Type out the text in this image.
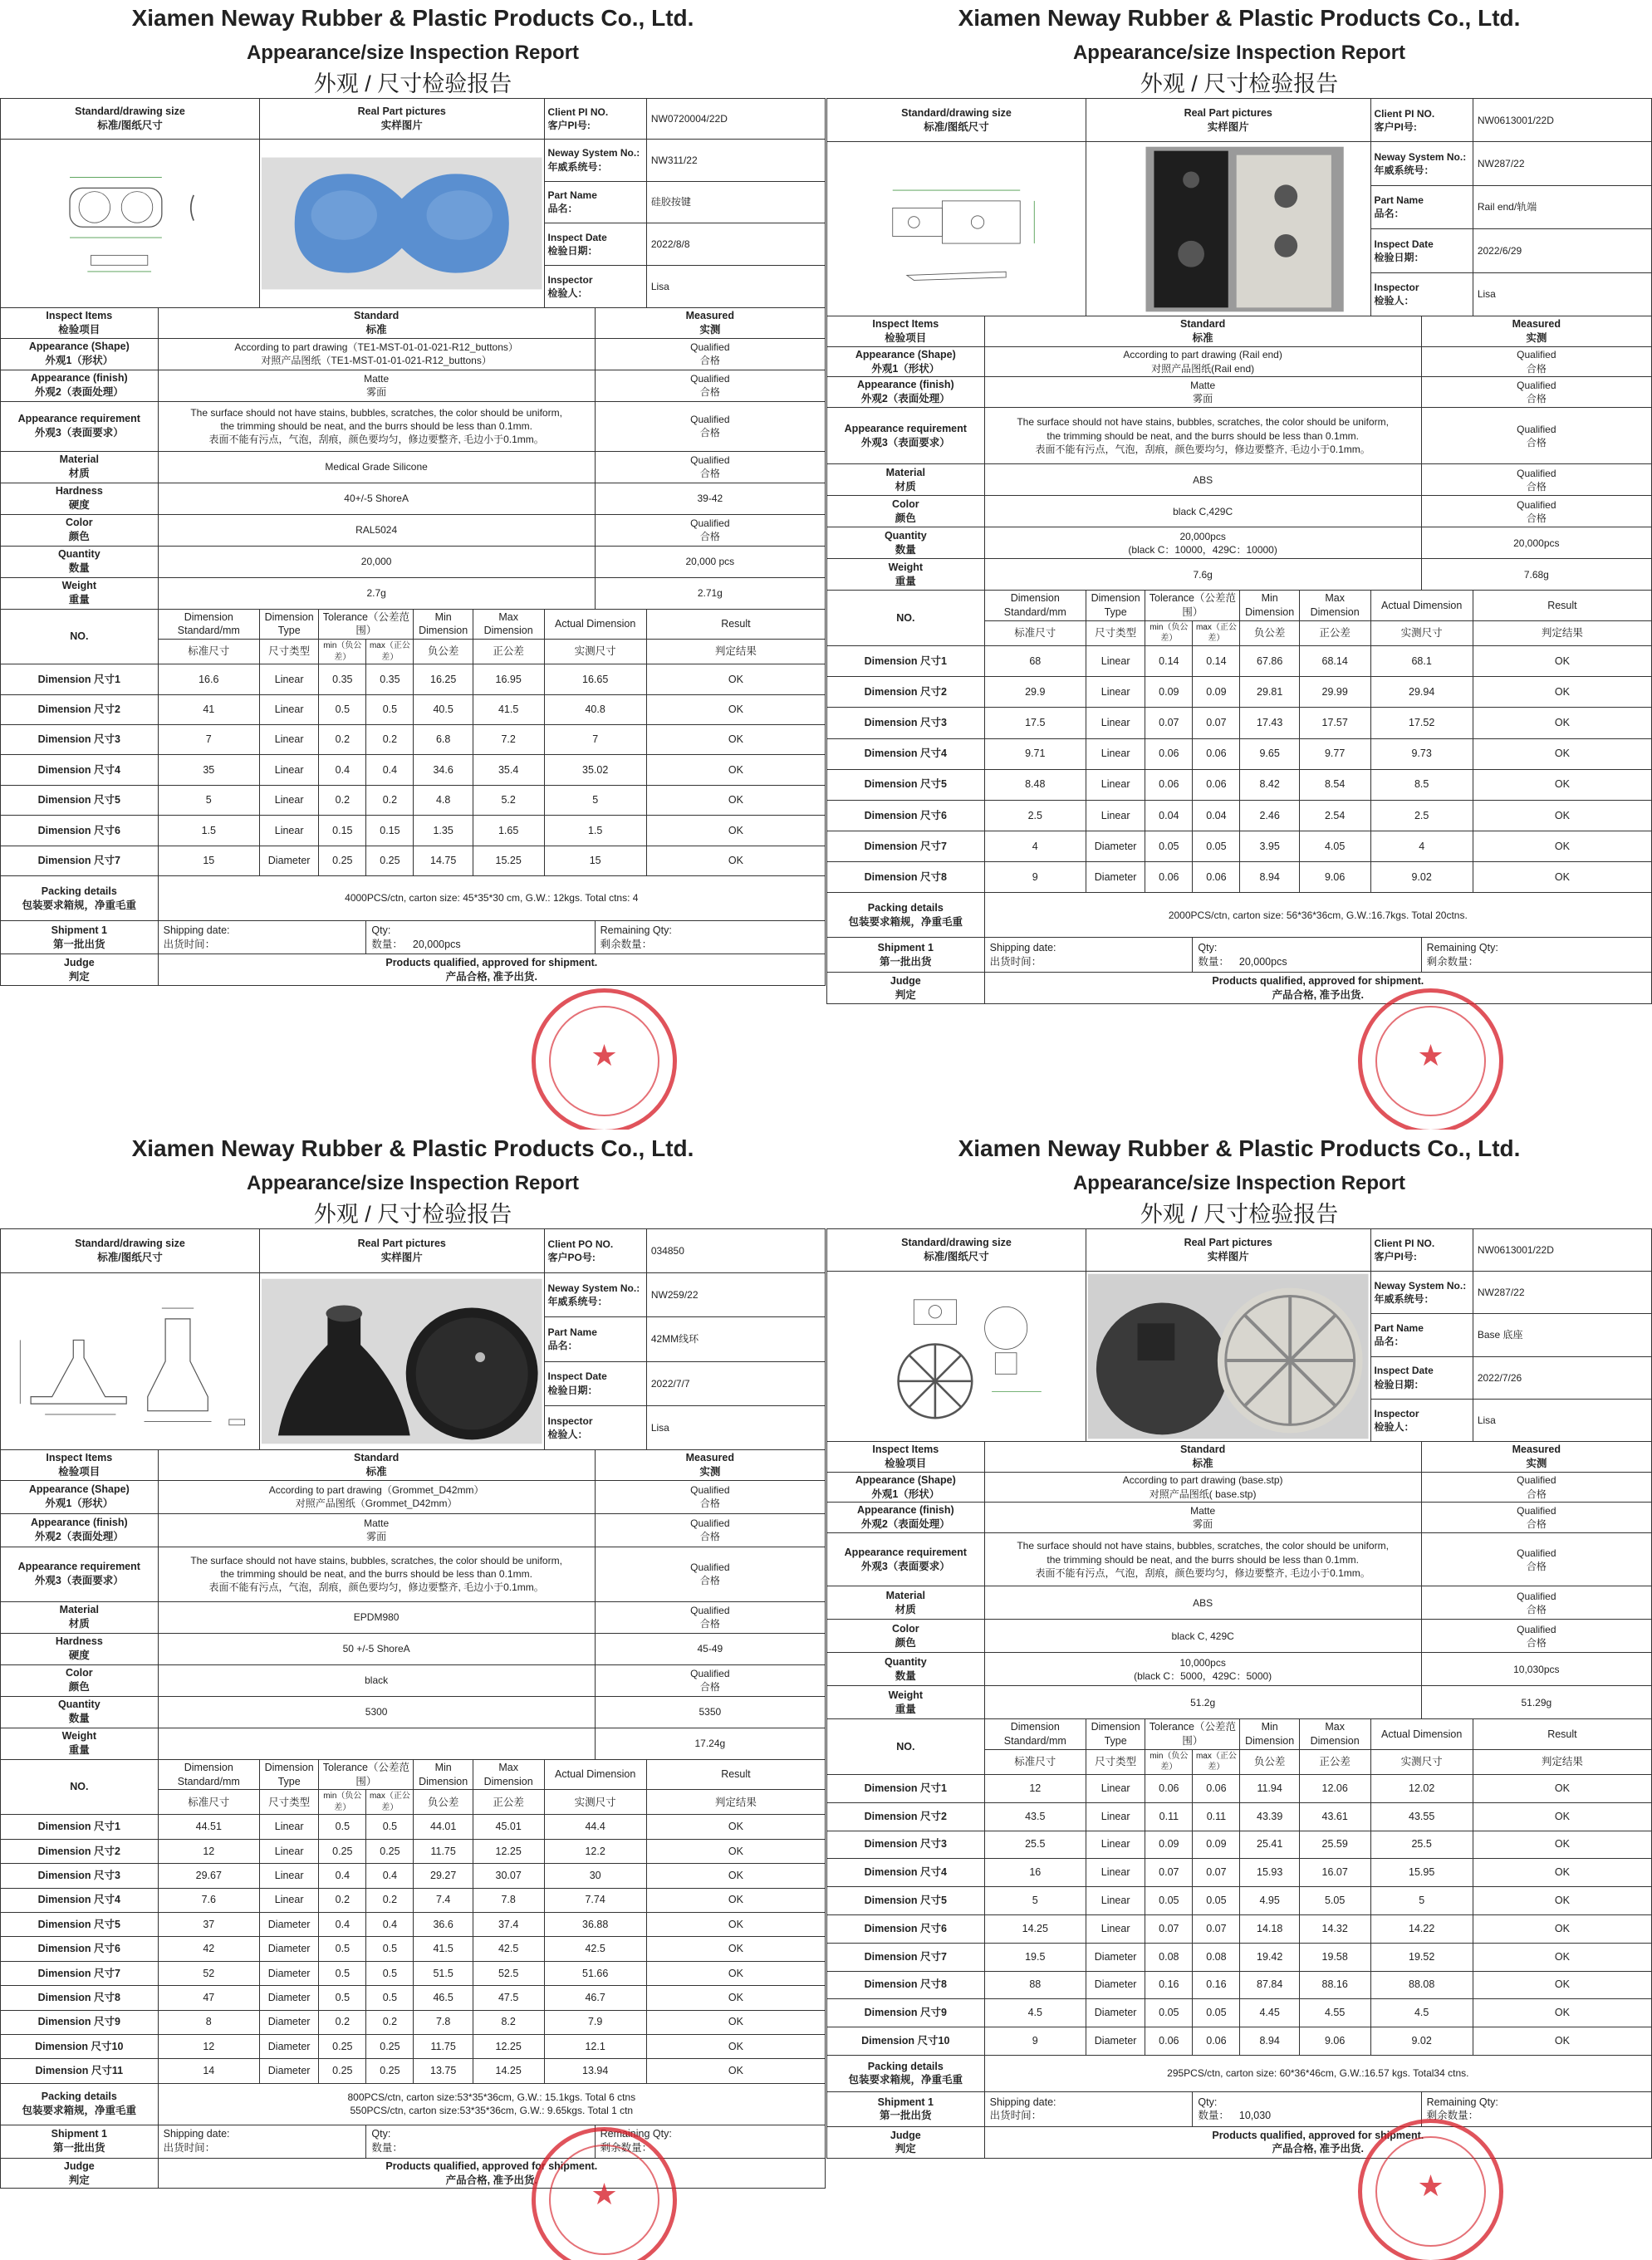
Xiamen Neway Rubber & Plastic Products Co., Ltd.
Appearance/size Inspection Report
外观 / 尺寸检验报告
Standard/drawing size
标准/图纸尺寸		Real Part pictures
实样图片					Client PI NO.
客户PI号:		NW0720004/22D

	Neway System No.:
年威系统号：		NW311/22
							Part Name
品名：		硅胶按键
							Inspect Date
检验日期：		2022/8/8
							Inspector
检验人：		Lisa
Inspect Items
检验项目	Standard
标准							Measured
实测	
Appearance (Shape)
外观1（形状）	According to part drawing（TE1-MST-01-01-021-R12_buttons）
对照产品图纸（TE1-MST-01-01-021-R12_buttons）							Qualified
合格	
Appearance (finish)
外观2（表面处理）	Matte
雾面							Qualified
合格	
Appearance requirement
外观3（表面要求）	The surface should not have stains, bubbles, scratches, the color should be uniform,
the trimming should be neat, and the burrs should be less than 0.1mm.
表面不能有污点，气泡，刮痕，颜色要均匀，修边要整齐, 毛边小于0.1mm。							Qualified
合格	
Material
材质	Medical Grade Silicone							Qualified
合格	
Hardness
硬度	40+/-5 ShoreA							39-42	
Color
颜色	RAL5024							Qualified
合格	
Quantity
数量	20,000							20,000 pcs	
Weight
重量	2.7g							2.71g	
NO.	Dimension Standard/mm	Dimension Type	Tolerance（公差范围）		Min Dimension	Max Dimension	Actual Dimension		Result
	标准尺寸	尺寸类型	min（负公差）	max（正公差）	负公差	正公差	实测尺寸		判定结果
Dimension 尺寸1	16.6	Linear	0.35	0.35	16.25	16.95	16.65		OK
Dimension 尺寸2	41	Linear	0.5	0.5	40.5	41.5	40.8		OK
Dimension 尺寸3	7	Linear	0.2	0.2	6.8	7.2	7		OK
Dimension 尺寸4	35	Linear	0.4	0.4	34.6	35.4	35.02		OK
Dimension 尺寸5	5	Linear	0.2	0.2	4.8	5.2	5		OK
Dimension 尺寸6	1.5	Linear	0.15	0.15	1.35	1.65	1.5		OK
Dimension 尺寸7	15	Diameter	0.25	0.25	14.75	15.25	15		OK
Packing details
包装要求箱规，净重毛重	4000PCS/ctn, carton size: 45*35*30 cm, G.W.: 12kgs. Total ctns: 4								
Shipment 1
第一批出货	Shipping date:
出货时间：			Qty:
数量： 20,000pcs				Remaining Qty:
剩余数量：	
Judge
判定	Products qualified, approved for shipment.
产品合格, 准予出货.								
★
Xiamen Neway Rubber & Plastic Products Co., Ltd.
Appearance/size Inspection Report
外观 / 尺寸检验报告
Standard/drawing size
标准/图纸尺寸		Real Part pictures
实样图片					Client PI NO.
客户PI号:		NW0613001/22D

	Neway System No.:
年威系统号：		NW287/22
							Part Name
品名：		Rail end/轨端
							Inspect Date
检验日期：		2022/6/29
							Inspector
检验人：		Lisa
Inspect Items
检验项目	Standard
标准							Measured
实测	
Appearance (Shape)
外观1（形状）	According to part drawing (Rail end)
对照产品图纸(Rail end)							Qualified
合格	
Appearance (finish)
外观2（表面处理）	Matte
雾面							Qualified
合格	
Appearance requirement
外观3（表面要求）	The surface should not have stains, bubbles, scratches, the color should be uniform,
the trimming should be neat, and the burrs should be less than 0.1mm.
表面不能有污点，气泡，刮痕，颜色要均匀，修边要整齐, 毛边小于0.1mm。							Qualified
合格	
Material
材质	ABS							Qualified
合格	
Color
颜色	black C,429C							Qualified
合格	
Quantity
数量	20,000pcs
(black C：10000，429C：10000)							20,000pcs	
Weight
重量	7.6g							7.68g	
NO.	Dimension Standard/mm	Dimension Type	Tolerance（公差范围）		Min Dimension	Max Dimension	Actual Dimension		Result
	标准尺寸	尺寸类型	min（负公差）	max（正公差）	负公差	正公差	实测尺寸		判定结果
Dimension 尺寸1	68	Linear	0.14	0.14	67.86	68.14	68.1		OK
Dimension 尺寸2	29.9	Linear	0.09	0.09	29.81	29.99	29.94		OK
Dimension 尺寸3	17.5	Linear	0.07	0.07	17.43	17.57	17.52		OK
Dimension 尺寸4	9.71	Linear	0.06	0.06	9.65	9.77	9.73		OK
Dimension 尺寸5	8.48	Linear	0.06	0.06	8.42	8.54	8.5		OK
Dimension 尺寸6	2.5	Linear	0.04	0.04	2.46	2.54	2.5		OK
Dimension 尺寸7	4	Diameter	0.05	0.05	3.95	4.05	4		OK
Dimension 尺寸8	9	Diameter	0.06	0.06	8.94	9.06	9.02		OK
Packing details
包装要求箱规，净重毛重	2000PCS/ctn, carton size: 56*36*36cm, G.W.:16.7kgs. Total 20ctns.								
Shipment 1
第一批出货	Shipping date:
出货时间：			Qty:
数量： 20,000pcs				Remaining Qty:
剩余数量：	
Judge
判定	Products qualified, approved for shipment.
产品合格, 准予出货.								
★
Xiamen Neway Rubber & Plastic Products Co., Ltd.
Appearance/size Inspection Report
外观 / 尺寸检验报告
Standard/drawing size
标准/图纸尺寸		Real Part pictures
实样图片					Client PO NO.
客户PO号:		034850

	Neway System No.:
年威系统号：		NW259/22
							Part Name
品名：		42MM线环
							Inspect Date
检验日期：		2022/7/7
							Inspector
检验人：		Lisa
Inspect Items
检验项目	Standard
标准							Measured
实测	
Appearance (Shape)
外观1（形状）	According to part drawing（Grommet_D42mm）
对照产品图纸（Grommet_D42mm）							Qualified
合格	
Appearance (finish)
外观2（表面处理）	Matte
雾面							Qualified
合格	
Appearance requirement
外观3（表面要求）	The surface should not have stains, bubbles, scratches, the color should be uniform,
the trimming should be neat, and the burrs should be less than 0.1mm.
表面不能有污点，气泡，刮痕，颜色要均匀，修边要整齐, 毛边小于0.1mm。							Qualified
合格	
Material
材质	EPDM980							Qualified
合格	
Hardness
硬度	50 +/-5 ShoreA							45-49	
Color
颜色	black							Qualified
合格	
Quantity
数量	5300							5350	
Weight
重量								17.24g	
NO.	Dimension Standard/mm	Dimension Type	Tolerance（公差范围）		Min Dimension	Max Dimension	Actual Dimension		Result
	标准尺寸	尺寸类型	min（负公差）	max（正公差）	负公差	正公差	实测尺寸		判定结果
Dimension 尺寸1	44.51	Linear	0.5	0.5	44.01	45.01	44.4		OK
Dimension 尺寸2	12	Linear	0.25	0.25	11.75	12.25	12.2		OK
Dimension 尺寸3	29.67	Linear	0.4	0.4	29.27	30.07	30		OK
Dimension 尺寸4	7.6	Linear	0.2	0.2	7.4	7.8	7.74		OK
Dimension 尺寸5	37	Diameter	0.4	0.4	36.6	37.4	36.88		OK
Dimension 尺寸6	42	Diameter	0.5	0.5	41.5	42.5	42.5		OK
Dimension 尺寸7	52	Diameter	0.5	0.5	51.5	52.5	51.66		OK
Dimension 尺寸8	47	Diameter	0.5	0.5	46.5	47.5	46.7		OK
Dimension 尺寸9	8	Diameter	0.2	0.2	7.8	8.2	7.9		OK
Dimension 尺寸10	12	Diameter	0.25	0.25	11.75	12.25	12.1		OK
Dimension 尺寸11	14	Diameter	0.25	0.25	13.75	14.25	13.94		OK
Packing details
包装要求箱规，净重毛重	800PCS/ctn, carton size:53*35*36cm, G.W.: 15.1kgs. Total 6 ctns
550PCS/ctn, carton size:53*35*36cm, G.W.: 9.65kgs. Total 1 ctn								
Shipment 1
第一批出货	Shipping date:
出货时间：			Qty:
数量：				Remaining Qty:
剩余数量：	
Judge
判定	Products qualified, approved for shipment.
产品合格, 准予出货.									★
Xiamen Neway Rubber & Plastic Products Co., Ltd.
Appearance/size Inspection Report
外观 / 尺寸检验报告
Standard/drawing size
标准/图纸尺寸		Real Part pictures
实样图片					Client PI NO.
客户PI号:		NW0613001/22D

	Neway System No.:
年威系统号：		NW287/22
							Part Name
品名：		Base 底座
							Inspect Date
检验日期：		2022/7/26
							Inspector
检验人：		Lisa
Inspect Items
检验项目	Standard
标准							Measured
实测	
Appearance (Shape)
外观1（形状）	According to part drawing (base.stp)
对照产品图纸( base.stp)							Qualified
合格	
Appearance (finish)
外观2（表面处理）	Matte
雾面							Qualified
合格	
Appearance requirement
外观3（表面要求）	The surface should not have stains, bubbles, scratches, the color should be uniform,
the trimming should be neat, and the burrs should be less than 0.1mm.
表面不能有污点，气泡，刮痕，颜色要均匀，修边要整齐, 毛边小于0.1mm。							Qualified
合格	
Material
材质	ABS							Qualified
合格	
Color
颜色	black C, 429C							Qualified
合格	
Quantity
数量	10,000pcs
(black C：5000，429C：5000)							10,030pcs	
Weight
重量	51.2g							51.29g	
NO.	Dimension Standard/mm	Dimension Type	Tolerance（公差范围）		Min Dimension	Max Dimension	Actual Dimension		Result
	标准尺寸	尺寸类型	min（负公差）	max（正公差）	负公差	正公差	实测尺寸		判定结果
Dimension 尺寸1	12	Linear	0.06	0.06	11.94	12.06	12.02		OK
Dimension 尺寸2	43.5	Linear	0.11	0.11	43.39	43.61	43.55		OK
Dimension 尺寸3	25.5	Linear	0.09	0.09	25.41	25.59	25.5		OK
Dimension 尺寸4	16	Linear	0.07	0.07	15.93	16.07	15.95		OK
Dimension 尺寸5	5	Linear	0.05	0.05	4.95	5.05	5		OK
Dimension 尺寸6	14.25	Linear	0.07	0.07	14.18	14.32	14.22		OK
Dimension 尺寸7	19.5	Diameter	0.08	0.08	19.42	19.58	19.52		OK
Dimension 尺寸8	88	Diameter	0.16	0.16	87.84	88.16	88.08		OK
Dimension 尺寸9	4.5	Diameter	0.05	0.05	4.45	4.55	4.5		OK
Dimension 尺寸10	9	Diameter	0.06	0.06	8.94	9.06	9.02		OK
Packing details
包装要求箱规，净重毛重	295PCS/ctn, carton size: 60*36*46cm, G.W.:16.57 kgs. Total34 ctns.								
Shipment 1
第一批出货	Shipping date:
出货时间：			Qty:
数量： 10,030				Remaining Qty:
剩余数量：	
Judge
判定	Products qualified, approved for shipment.
产品合格, 准予出货.								
★
